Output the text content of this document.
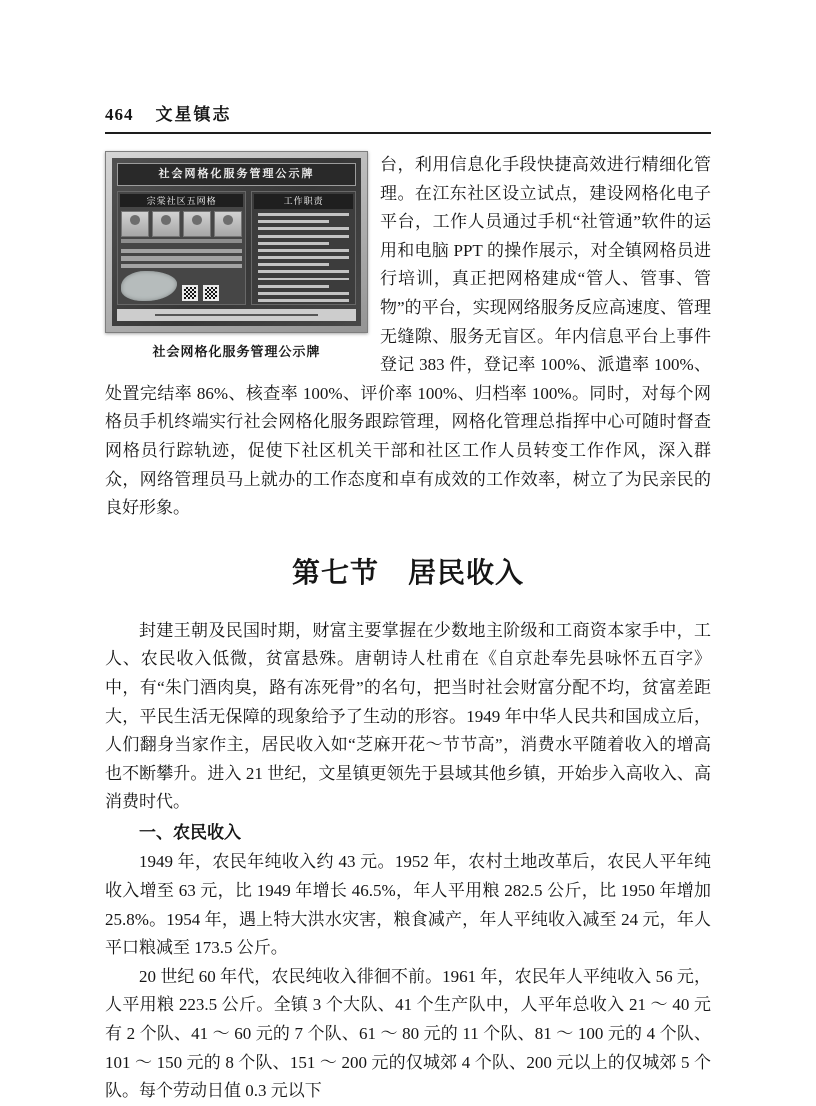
464 文星镇志
社会网格化服务管理公示牌
宗棠社区五网格	工作职责
社会网格化服务管理公示牌

台，利用信息化手段快捷高效进行精细化管理。在江东社区设立试点，建设网格化电子平台，工作人员通过手机“社管通”软件的运用和电脑 PPT 的操作展示，对全镇网格员进行培训，真正把网格建成“管人、管事、管物”的平台，实现网络服务反应高速度、管理无缝隙、服务无盲区。年内信息平台上事件登记 383 件，登记率 100%、派遣率 100%、处置完结率 86%、核查率 100%、评价率 100%、归档率 100%。同时，对每个网格员手机终端实行社会网格化服务跟踪管理，网格化管理总指挥中心可随时督查网格员行踪轨迹，促使下社区机关干部和社区工作人员转变工作作风，深入群众，网络管理员马上就办的工作态度和卓有成效的工作效率，树立了为民亲民的良好形象。

第七节　居民收入

封建王朝及民国时期，财富主要掌握在少数地主阶级和工商资本家手中，工人、农民收入低微，贫富悬殊。唐朝诗人杜甫在《自京赴奉先县咏怀五百字》中，有“朱门酒肉臭，路有冻死骨”的名句，把当时社会财富分配不均，贫富差距大，平民生活无保障的现象给予了生动的形容。1949 年中华人民共和国成立后，人们翻身当家作主，居民收入如“芝麻开花～节节高”，消费水平随着收入的增高也不断攀升。进入 21 世纪，文星镇更领先于县域其他乡镇，开始步入高收入、高消费时代。

一、农民收入

1949 年，农民年纯收入约 43 元。1952 年，农村土地改革后，农民人平年纯收入增至 63 元，比 1949 年增长 46.5%，年人平用粮 282.5 公斤，比 1950 年增加 25.8%。1954 年，遇上特大洪水灾害，粮食减产，年人平纯收入减至 24 元，年人平口粮减至 173.5 公斤。

20 世纪 60 年代，农民纯收入徘徊不前。1961 年，农民年人平纯收入 56 元，人平用粮 223.5 公斤。全镇 3 个大队、41 个生产队中，人平年总收入 21 ～ 40 元有 2 个队、41 ～ 60 元的 7 个队、61 ～ 80 元的 11 个队、81 ～ 100 元的 4 个队、101 ～ 150 元的 8 个队、151 ～ 200 元的仅城郊 4 个队、200 元以上的仅城郊 5 个队。每个劳动日值 0.3 元以下
